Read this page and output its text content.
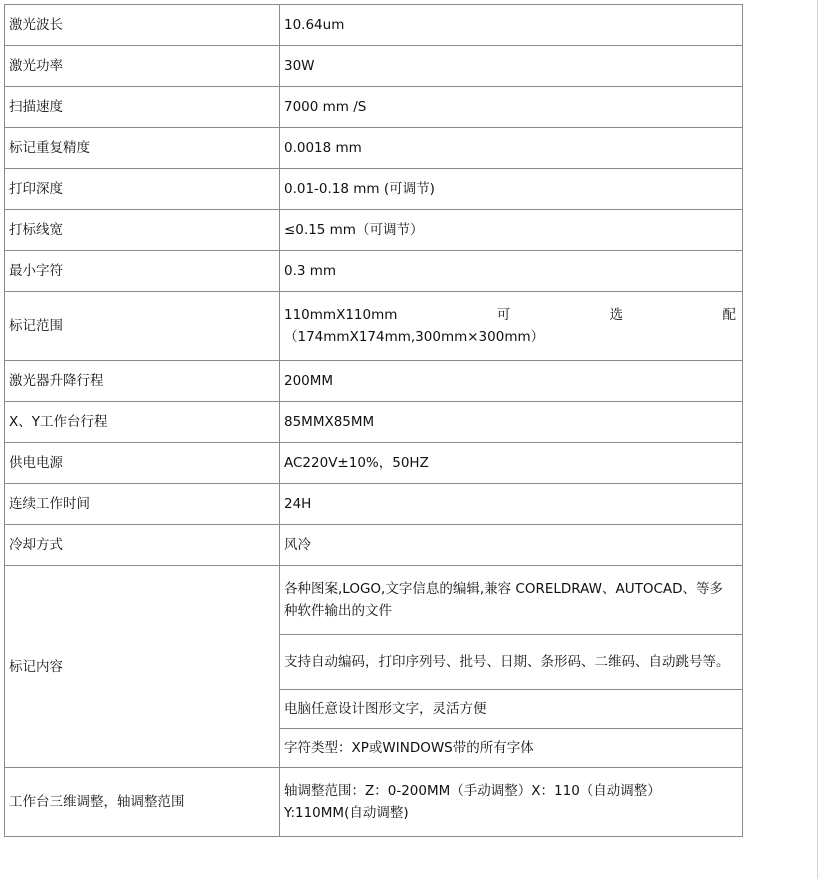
激光波长	10.64um
激光功率	30W
扫描速度	7000 mm /S
标记重复精度	0.0018 mm
打印深度	0.01-0.18 mm (可调节)
打标线宽	≤0.15 mm（可调节）
最小字符	0.3 mm
标记范围	110mmX110mm 可 选 配
（174mmX174mm,300mm×300mm）

激光器升降行程	200MM
X、Y工作台行程	85MMX85MM
供电电源	AC220V±10%，50HZ
连续工作时间	24H
冷却方式	风冷
标记内容	各种图案,LOGO,文字信息的编辑,兼容 CORELDRAW、AUTOCAD、等多种软件输出的文件
	支持自动编码，打印序列号、批号、日期、条形码、二维码、自动跳号等。
	电脑任意设计图形文字，灵活方便
	字符类型：XP或WINDOWS带的所有字体
工作台三维调整，轴调整范围	轴调整范围：Z：0-200MM（手动调整）X：110（自动调整）Y:110MM(自动调整)
